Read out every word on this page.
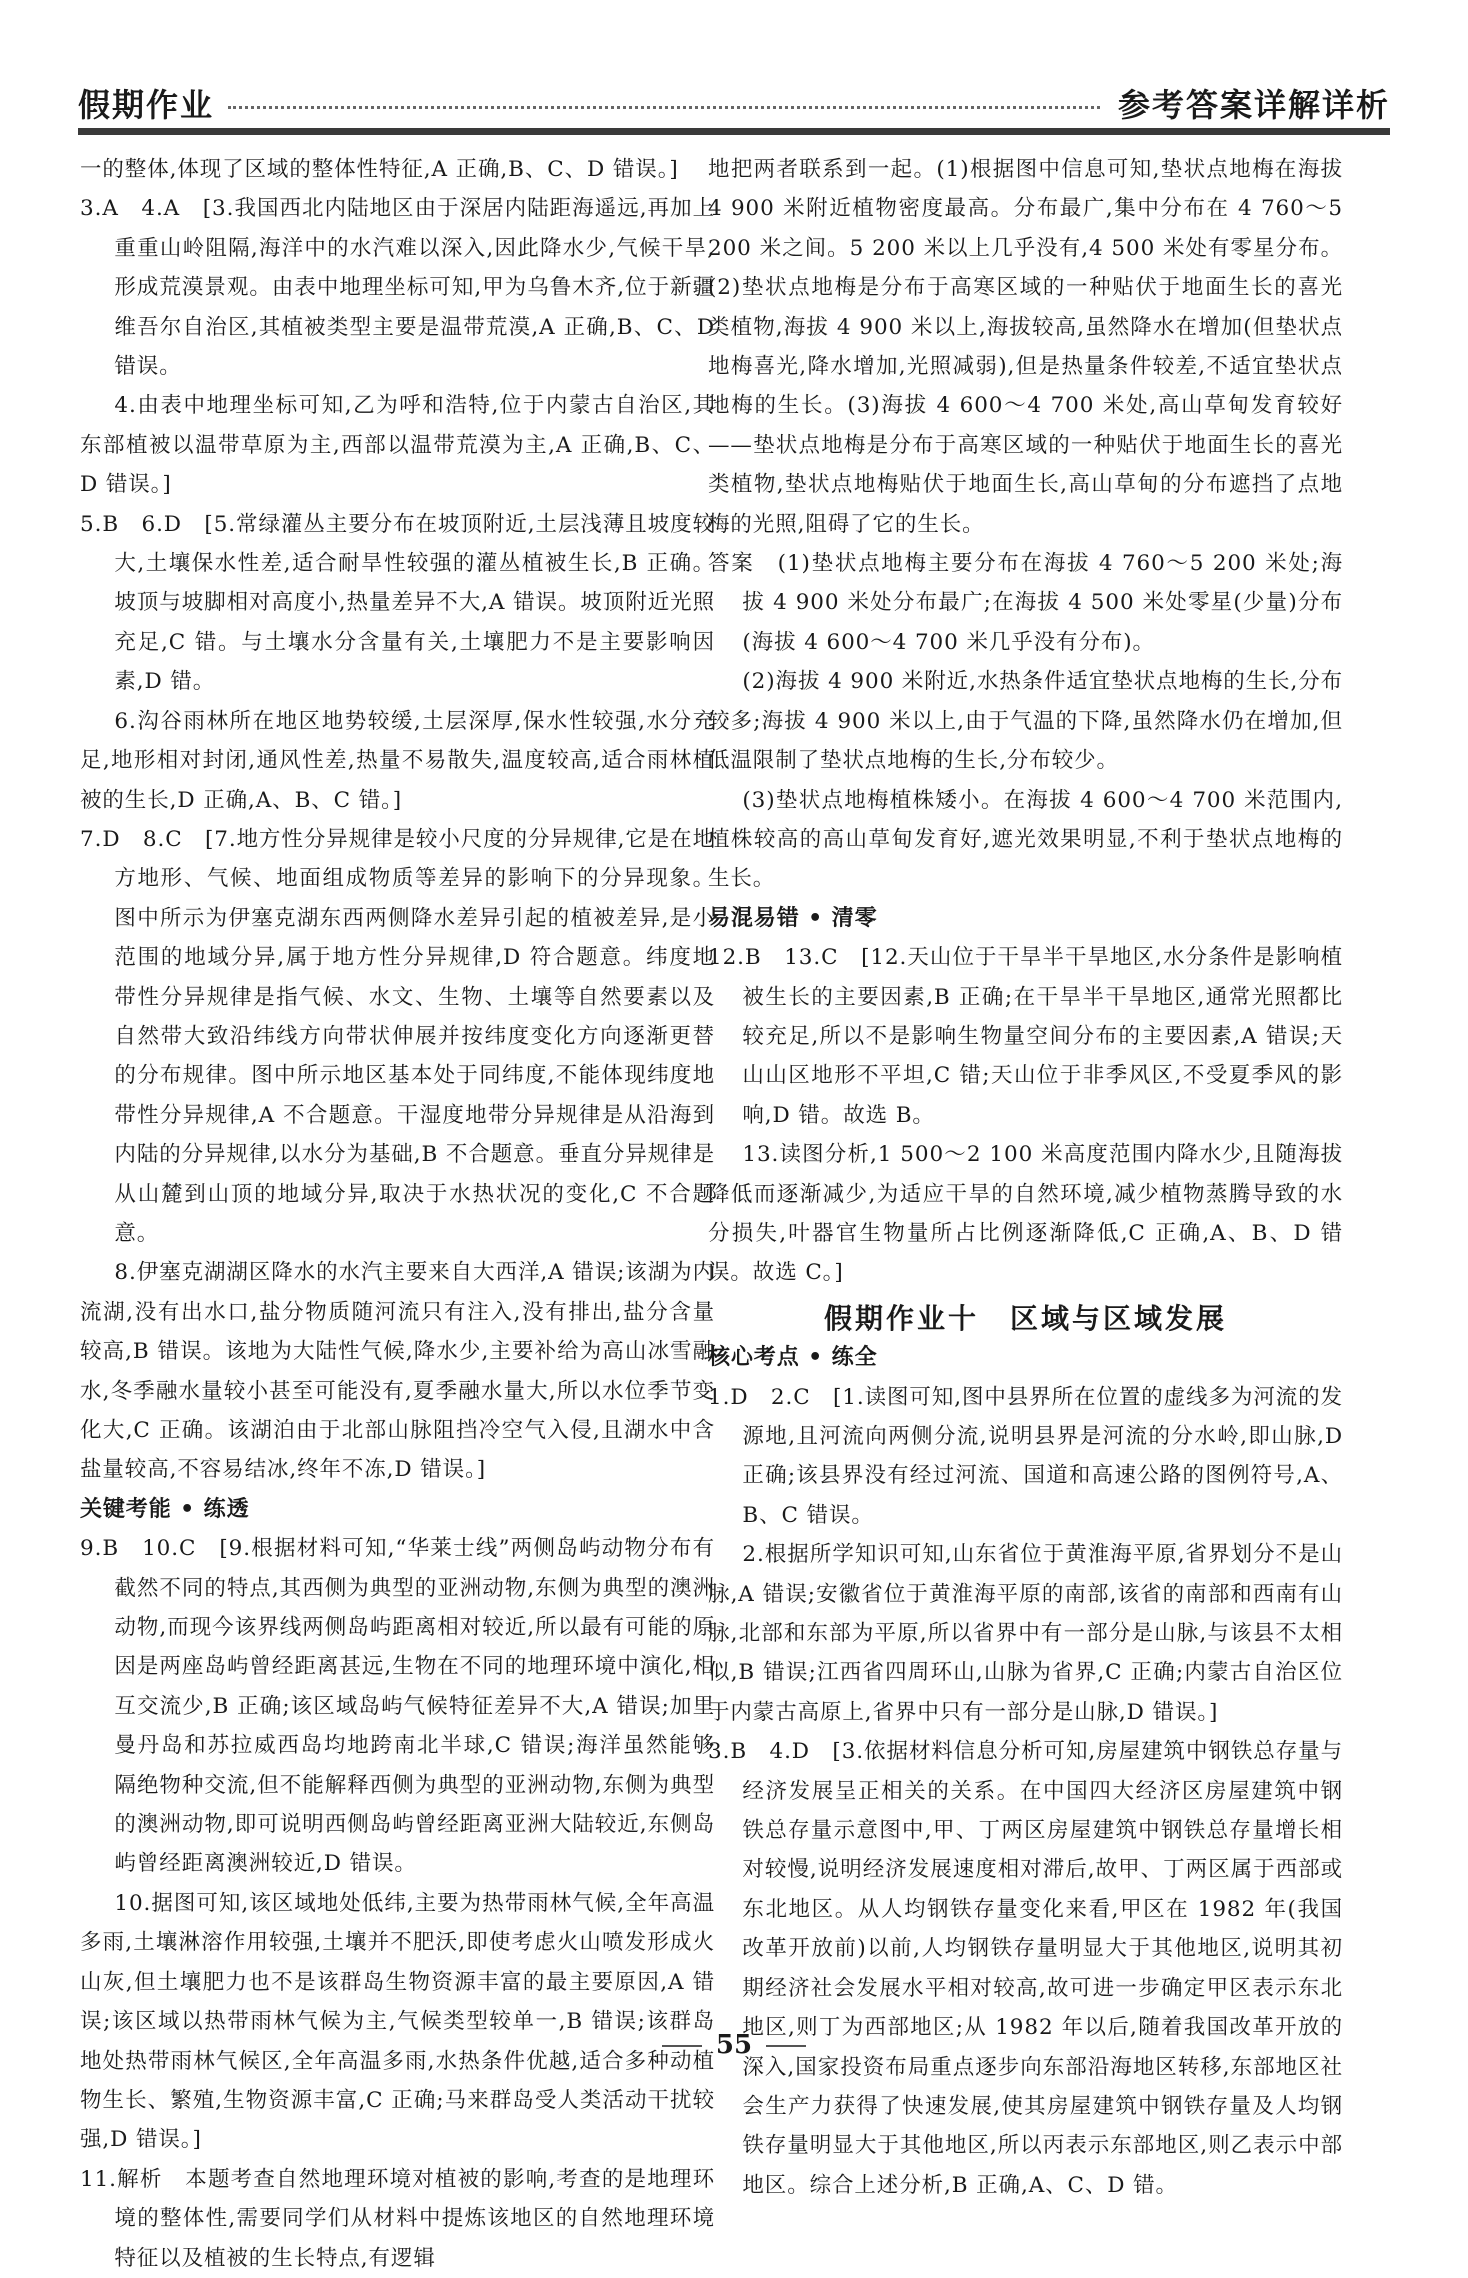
假期作业	参考答案详解详析

一的整体,体现了区域的整体性特征,A 正确,B、C、D 错误。]

3.A　4.A　[3.我国西北内陆地区由于深居内陆距海遥远,再加上重重山岭阻隔,海洋中的水汽难以深入,因此降水少,气候干旱,形成荒漠景观。由表中地理坐标可知,甲为乌鲁木齐,位于新疆维吾尔自治区,其植被类型主要是温带荒漠,A 正确,B、C、D 错误。

4.由表中地理坐标可知,乙为呼和浩特,位于内蒙古自治区,其东部植被以温带草原为主,西部以温带荒漠为主,A 正确,B、C、D 错误。]

5.B　6.D　[5.常绿灌丛主要分布在坡顶附近,土层浅薄且坡度较大,土壤保水性差,适合耐旱性较强的灌丛植被生长,B 正确。坡顶与坡脚相对高度小,热量差异不大,A 错误。坡顶附近光照充足,C 错。与土壤水分含量有关,土壤肥力不是主要影响因素,D 错。

6.沟谷雨林所在地区地势较缓,土层深厚,保水性较强,水分充足,地形相对封闭,通风性差,热量不易散失,温度较高,适合雨林植被的生长,D 正确,A、B、C 错。]

7.D　8.C　[7.地方性分异规律是较小尺度的分异规律,它是在地方地形、气候、地面组成物质等差异的影响下的分异现象。图中所示为伊塞克湖东西两侧降水差异引起的植被差异,是小范围的地域分异,属于地方性分异规律,D 符合题意。纬度地带性分异规律是指气候、水文、生物、土壤等自然要素以及自然带大致沿纬线方向带状伸展并按纬度变化方向逐渐更替的分布规律。图中所示地区基本处于同纬度,不能体现纬度地带性分异规律,A 不合题意。干湿度地带分异规律是从沿海到内陆的分异规律,以水分为基础,B 不合题意。垂直分异规律是从山麓到山顶的地域分异,取决于水热状况的变化,C 不合题意。

8.伊塞克湖湖区降水的水汽主要来自大西洋,A 错误;该湖为内流湖,没有出水口,盐分物质随河流只有注入,没有排出,盐分含量较高,B 错误。该地为大陆性气候,降水少,主要补给为高山冰雪融水,冬季融水量较小甚至可能没有,夏季融水量大,所以水位季节变化大,C 正确。该湖泊由于北部山脉阻挡冷空气入侵,且湖水中含盐量较高,不容易结冰,终年不冻,D 错误。]

关键考能 • 练透

9.B　10.C　[9.根据材料可知,“华莱士线”两侧岛屿动物分布有截然不同的特点,其西侧为典型的亚洲动物,东侧为典型的澳洲动物,而现今该界线两侧岛屿距离相对较近,所以最有可能的原因是两座岛屿曾经距离甚远,生物在不同的地理环境中演化,相互交流少,B 正确;该区域岛屿气候特征差异不大,A 错误;加里曼丹岛和苏拉威西岛均地跨南北半球,C 错误;海洋虽然能够隔绝物种交流,但不能解释西侧为典型的亚洲动物,东侧为典型的澳洲动物,即可说明西侧岛屿曾经距离亚洲大陆较近,东侧岛屿曾经距离澳洲较近,D 错误。

10.据图可知,该区域地处低纬,主要为热带雨林气候,全年高温多雨,土壤淋溶作用较强,土壤并不肥沃,即使考虑火山喷发形成火山灰,但土壤肥力也不是该群岛生物资源丰富的最主要原因,A 错误;该区域以热带雨林气候为主,气候类型较单一,B 错误;该群岛地处热带雨林气候区,全年高温多雨,水热条件优越,适合多种动植物生长、繁殖,生物资源丰富,C 正确;马来群岛受人类活动干扰较强,D 错误。]

11.解析　本题考查自然地理环境对植被的影响,考查的是地理环境的整体性,需要同学们从材料中提炼该地区的自然地理环境特征以及植被的生长特点,有逻辑

地把两者联系到一起。(1)根据图中信息可知,垫状点地梅在海拔 4 900 米附近植物密度最高。分布最广,集中分布在 4 760～5 200 米之间。5 200 米以上几乎没有,4 500 米处有零星分布。(2)垫状点地梅是分布于高寒区域的一种贴伏于地面生长的喜光类植物,海拔 4 900 米以上,海拔较高,虽然降水在增加(但垫状点地梅喜光,降水增加,光照减弱),但是热量条件较差,不适宜垫状点地梅的生长。(3)海拔 4 600～4 700 米处,高山草甸发育较好——垫状点地梅是分布于高寒区域的一种贴伏于地面生长的喜光类植物,垫状点地梅贴伏于地面生长,高山草甸的分布遮挡了点地梅的光照,阻碍了它的生长。

答案　(1)垫状点地梅主要分布在海拔 4 760～5 200 米处;海拔 4 900 米处分布最广;在海拔 4 500 米处零星(少量)分布(海拔 4 600～4 700 米几乎没有分布)。

(2)海拔 4 900 米附近,水热条件适宜垫状点地梅的生长,分布较多;海拔 4 900 米以上,由于气温的下降,虽然降水仍在增加,但低温限制了垫状点地梅的生长,分布较少。

(3)垫状点地梅植株矮小。在海拔 4 600～4 700 米范围内,植株较高的高山草甸发育好,遮光效果明显,不利于垫状点地梅的生长。

易混易错 • 清零

12.B　13.C　[12.天山位于干旱半干旱地区,水分条件是影响植被生长的主要因素,B 正确;在干旱半干旱地区,通常光照都比较充足,所以不是影响生物量空间分布的主要因素,A 错误;天山山区地形不平坦,C 错;天山位于非季风区,不受夏季风的影响,D 错。故选 B。

13.读图分析,1 500～2 100 米高度范围内降水少,且随海拔降低而逐渐减少,为适应干旱的自然环境,减少植物蒸腾导致的水分损失,叶器官生物量所占比例逐渐降低,C 正确,A、B、D 错误。故选 C。]

假期作业十　区域与区域发展

核心考点 • 练全

1.D　2.C　[1.读图可知,图中县界所在位置的虚线多为河流的发源地,且河流向两侧分流,说明县界是河流的分水岭,即山脉,D 正确;该县界没有经过河流、国道和高速公路的图例符号,A、B、C 错误。

2.根据所学知识可知,山东省位于黄淮海平原,省界划分不是山脉,A 错误;安徽省位于黄淮海平原的南部,该省的南部和西南有山脉,北部和东部为平原,所以省界中有一部分是山脉,与该县不太相似,B 错误;江西省四周环山,山脉为省界,C 正确;内蒙古自治区位于内蒙古高原上,省界中只有一部分是山脉,D 错误。]

3.B　4.D　[3.依据材料信息分析可知,房屋建筑中钢铁总存量与经济发展呈正相关的关系。在中国四大经济区房屋建筑中钢铁总存量示意图中,甲、丁两区房屋建筑中钢铁总存量增长相对较慢,说明经济发展速度相对滞后,故甲、丁两区属于西部或东北地区。从人均钢铁存量变化来看,甲区在 1982 年(我国改革开放前)以前,人均钢铁存量明显大于其他地区,说明其初期经济社会发展水平相对较高,故可进一步确定甲区表示东北地区,则丁为西部地区;从 1982 年以后,随着我国改革开放的深入,国家投资布局重点逐步向东部沿海地区转移,东部地区社会生产力获得了快速发展,使其房屋建筑中钢铁存量及人均钢铁存量明显大于其他地区,所以丙表示东部地区,则乙表示中部地区。综合上述分析,B 正确,A、C、D 错。

55
